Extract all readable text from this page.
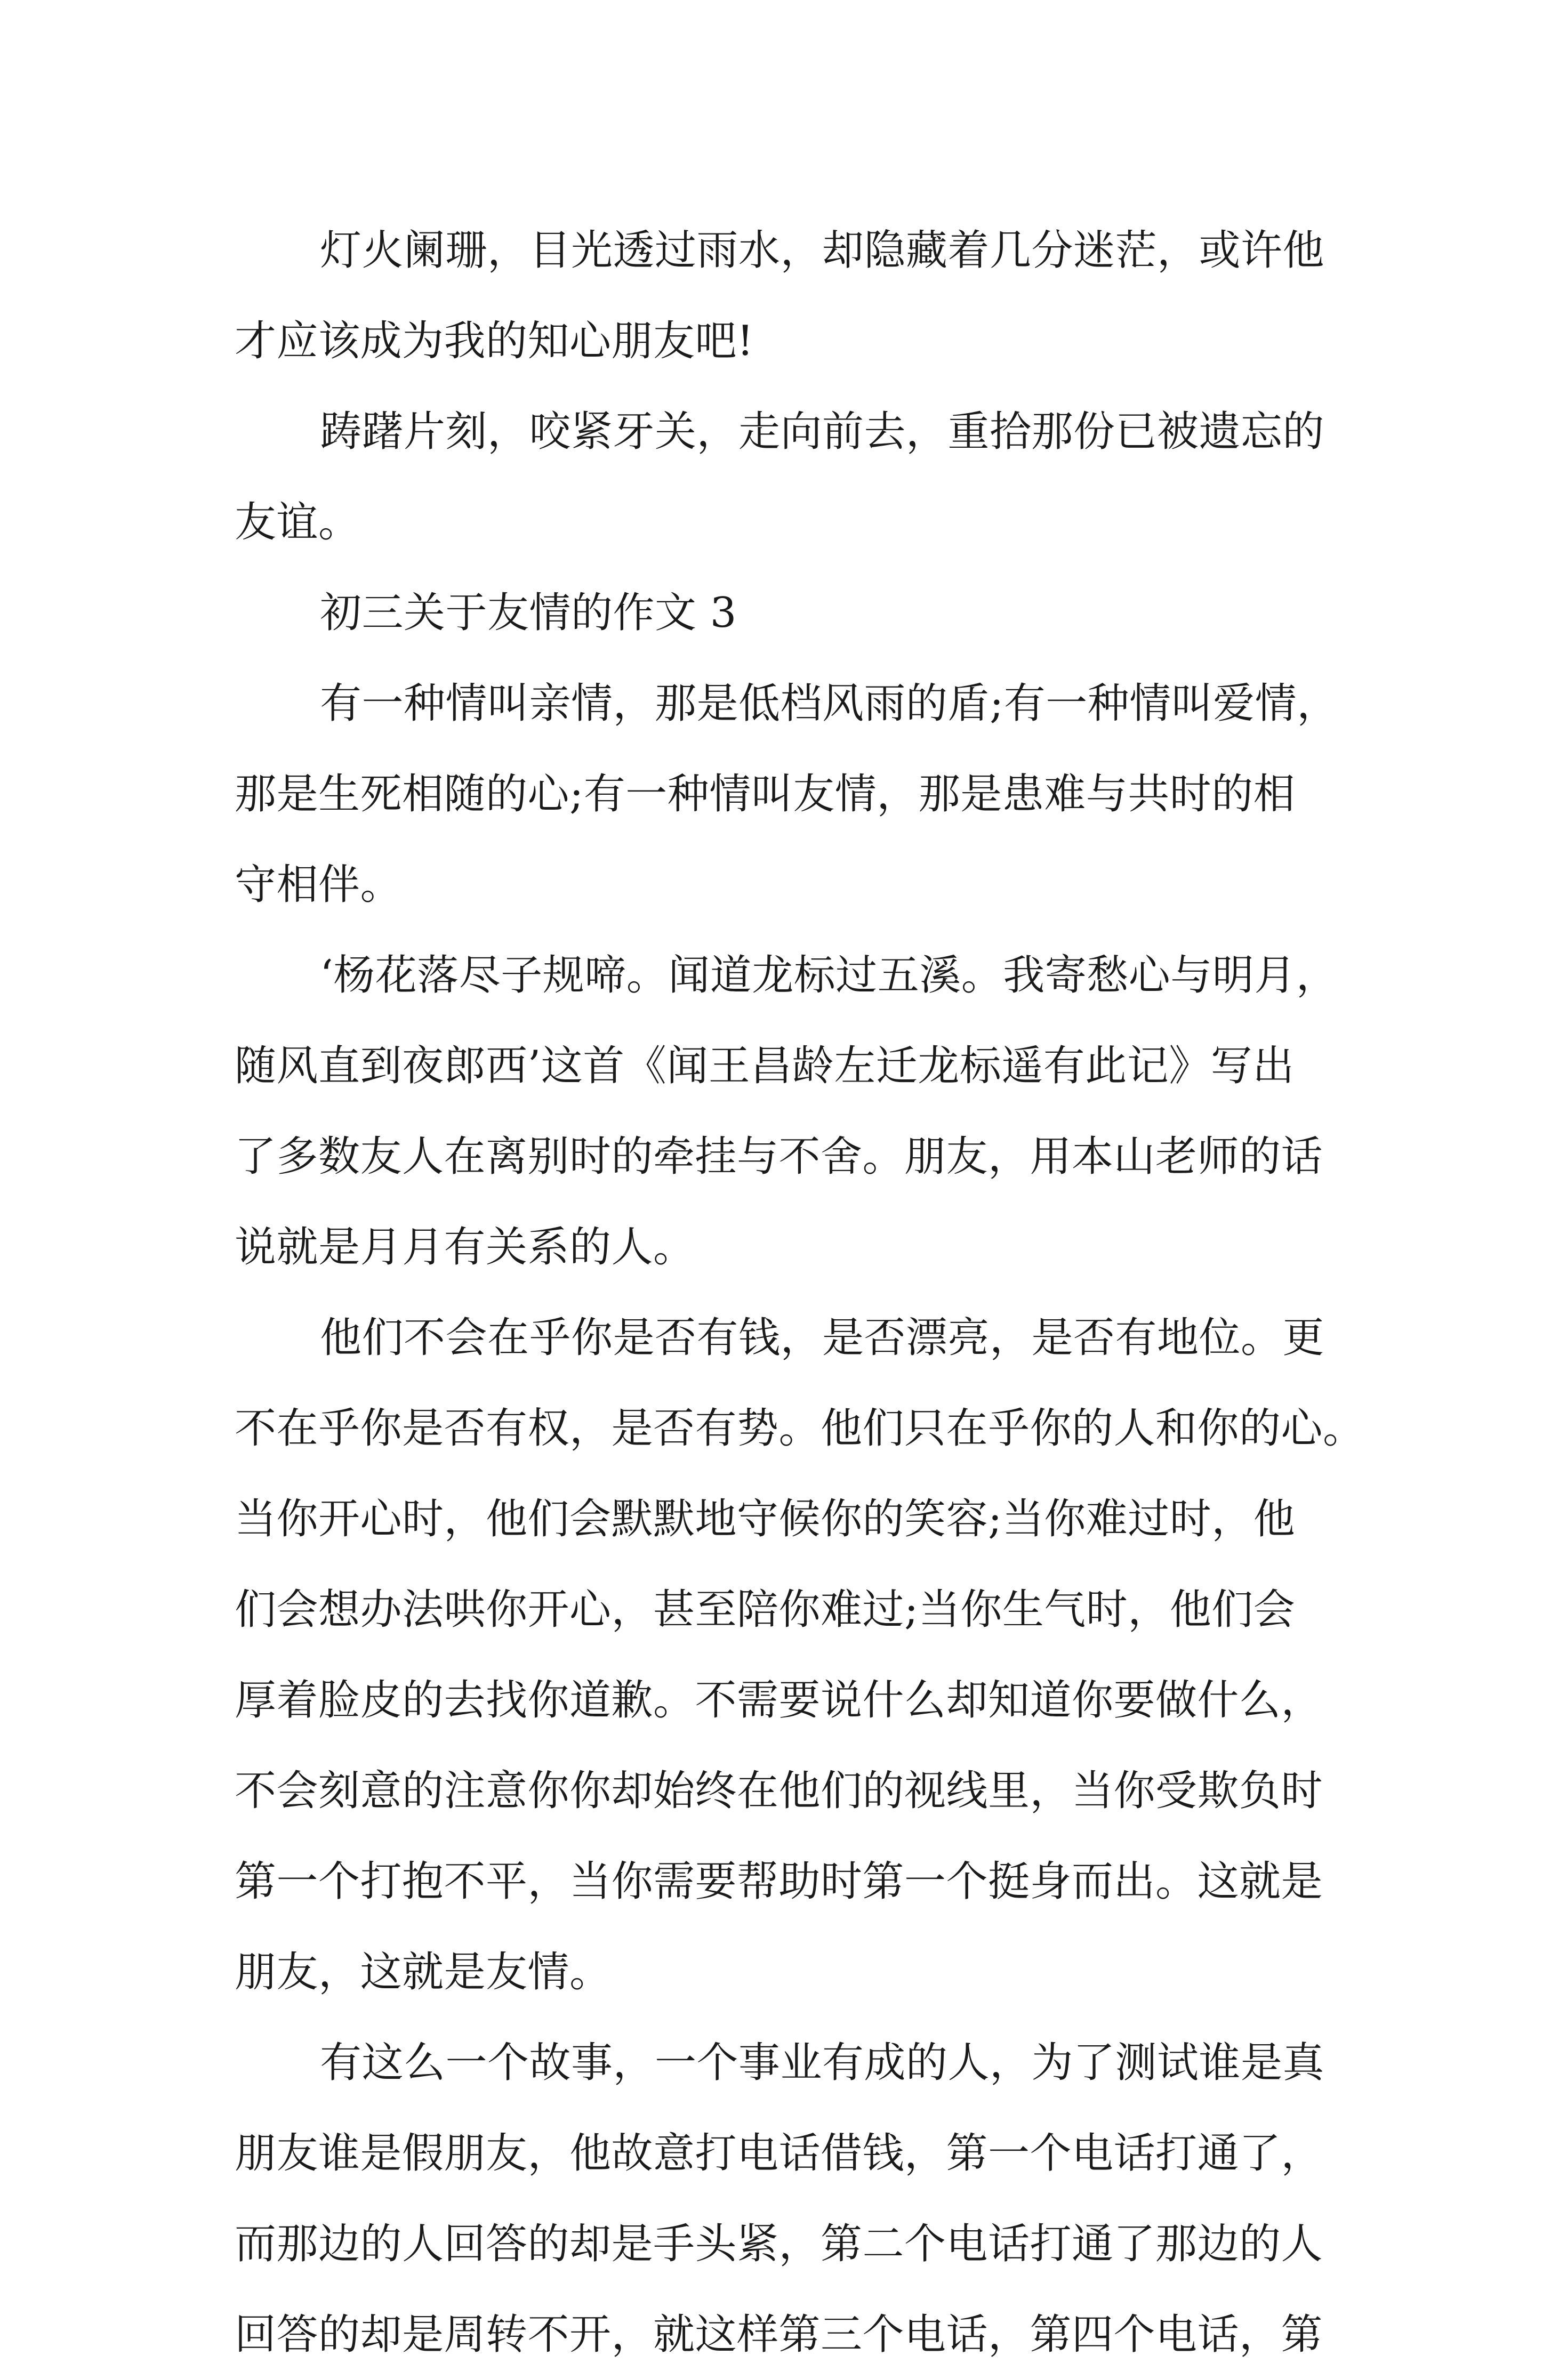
灯火阑珊，目光透过雨水，却隐藏着几分迷茫，或许他
才应该成为我的知心朋友吧!

踌躇片刻，咬紧牙关，走向前去，重拾那份已被遗忘的
友谊。

初三关于友情的作文 3

有一种情叫亲情，那是低档风雨的盾;有一种情叫爱情，
那是生死相随的心;有一种情叫友情，那是患难与共时的相
守相伴。

‘杨花落尽子规啼。闻道龙标过五溪。我寄愁心与明月，
随风直到夜郎西’这首《闻王昌龄左迁龙标遥有此记》写出
了多数友人在离别时的牵挂与不舍。朋友，用本山老师的话
说就是月月有关系的人。

他们不会在乎你是否有钱，是否漂亮，是否有地位。更
不在乎你是否有权，是否有势。他们只在乎你的人和你的心。
当你开心时，他们会默默地守候你的笑容;当你难过时，他
们会想办法哄你开心，甚至陪你难过;当你生气时，他们会
厚着脸皮的去找你道歉。不需要说什么却知道你要做什么，
不会刻意的注意你你却始终在他们的视线里，当你受欺负时
第一个打抱不平，当你需要帮助时第一个挺身而出。这就是
朋友，这就是友情。

有这么一个故事，一个事业有成的人，为了测试谁是真
朋友谁是假朋友，他故意打电话借钱，第一个电话打通了，
而那边的人回答的却是手头紧，第二个电话打通了那边的人
回答的却是周转不开，就这样第三个电话，第四个电话，第
